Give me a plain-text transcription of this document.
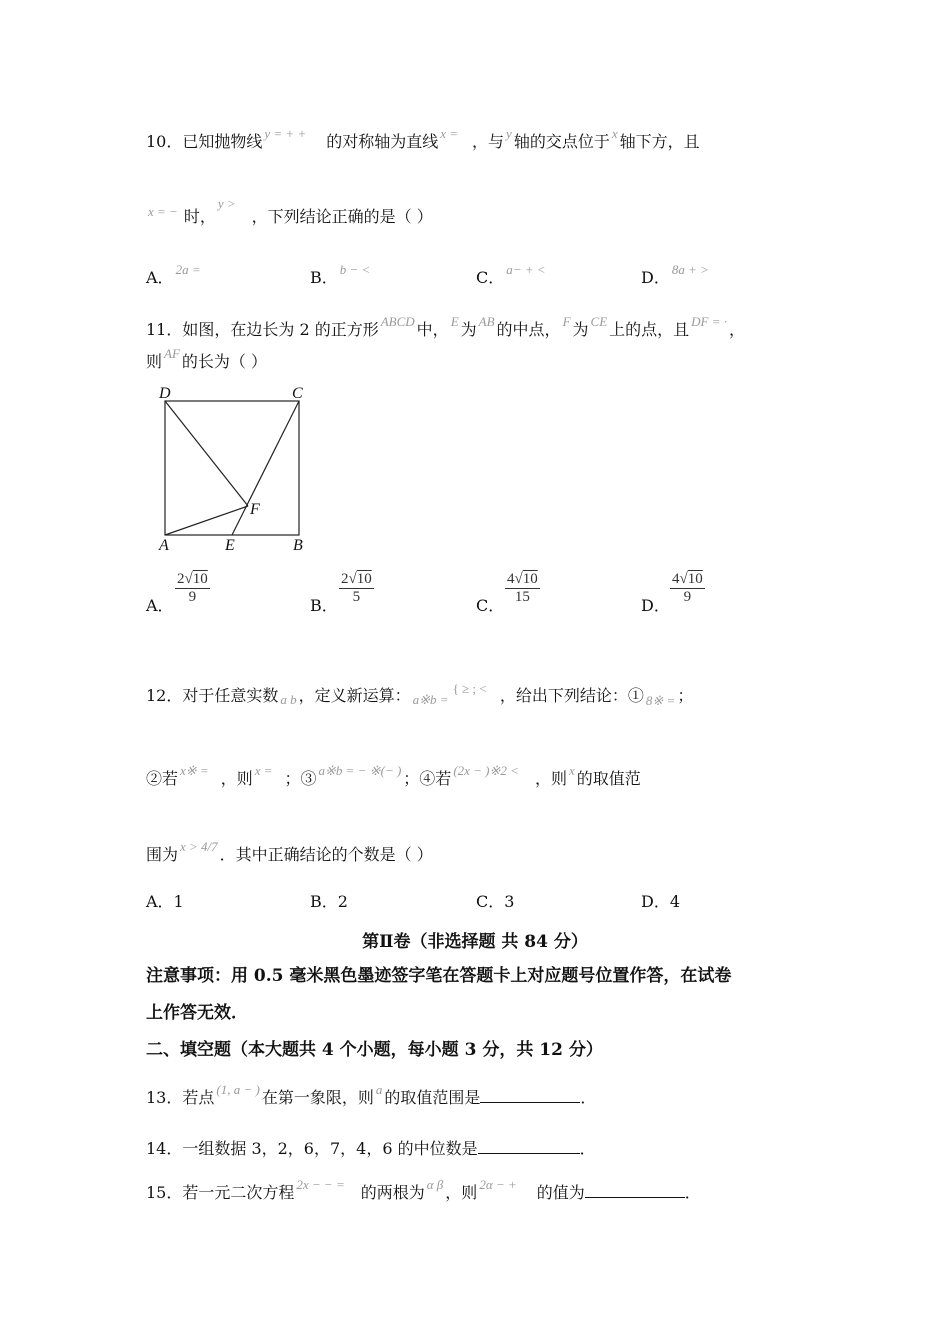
10．已知抛物线 $^{y = + +}$ 的对称轴为直线 $^{x =}$ ，与 $^y$ 轴的交点位于 $^x$ 轴下方，且
$^{x = -}$ 时，$^{y >}$，下列结论正确的是（ ）
A． $^{2a =}$	B． $^{b - <}$	C． $^{a- + <}$	D． $^{8a + >}$
11．如图，在边长为 2 的正方形 $^{ABCD}$ 中， $^E$ 为 $^{AB}$ 的中点， $^F$ 为 $^{CE}$ 上的点，且 $^{DF = \cdot}$ ，
则 $^{AF}$ 的长为（ ）
D	C
A	E	B
F
A．
2√10
9	B．
2√10
5	C．
4√10
15	D．
4√10
9
12．对于任意实数 a b ，定义新运算： a※b ={ ≥ ; < ，给出下列结论：① $_{8※ =}$ ；
②若 $^{x※ =}$ ，则 $^{x =}$ ；③ $^{a※b = - ※(- )}$ ；④若 $^{(2x - )※2 <}$ ，则 $^x$ 的取值范
围为 $^{x > 4/7}$ ．其中正确结论的个数是（ ）
A．1	B．2	C．3	D．4
第Ⅱ卷（非选择题 共 84 分）
注意事项：用 0.5 毫米黑色墨迹签字笔在答题卡上对应题号位置作答，在试卷
上作答无效．
二、填空题（本大题共 4 个小题，每小题 3 分，共 12 分）
13．若点 $^{(1, a - )}$ 在第一象限，则 $^a$ 的取值范围是	．
14．一组数据 3，2，6，7，4，6 的中位数是	．
15．若一元二次方程 $^{2x - - =}$ 的两根为 $^{\alpha \beta}$ ，则 $^{2\alpha - +}$ 的值为	．
